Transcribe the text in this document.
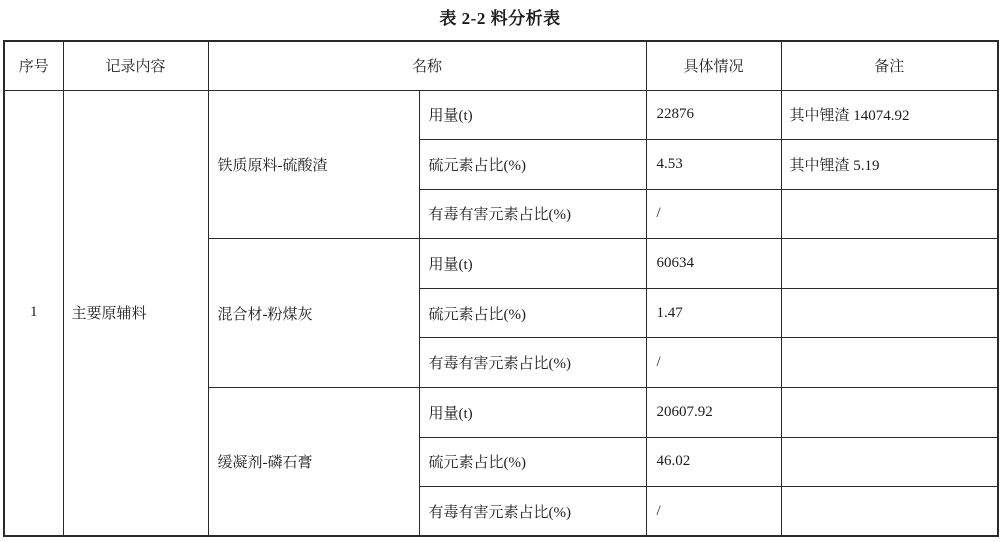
表 2-2 料分析表
序号	记录内容	名称		具体情况	备注
1	主要原辅料	铁质原料-硫酸渣	用量(t)	22876	其中锂渣 14074.92
			硫元素占比(%)	4.53	其中锂渣 5.19
			有毒有害元素占比(%)	/	
		混合材-粉煤灰	用量(t)	60634	
			硫元素占比(%)	1.47	
			有毒有害元素占比(%)	/	
		缓凝剂-磷石膏	用量(t)	20607.92	
			硫元素占比(%)	46.02	
			有毒有害元素占比(%)	/	
